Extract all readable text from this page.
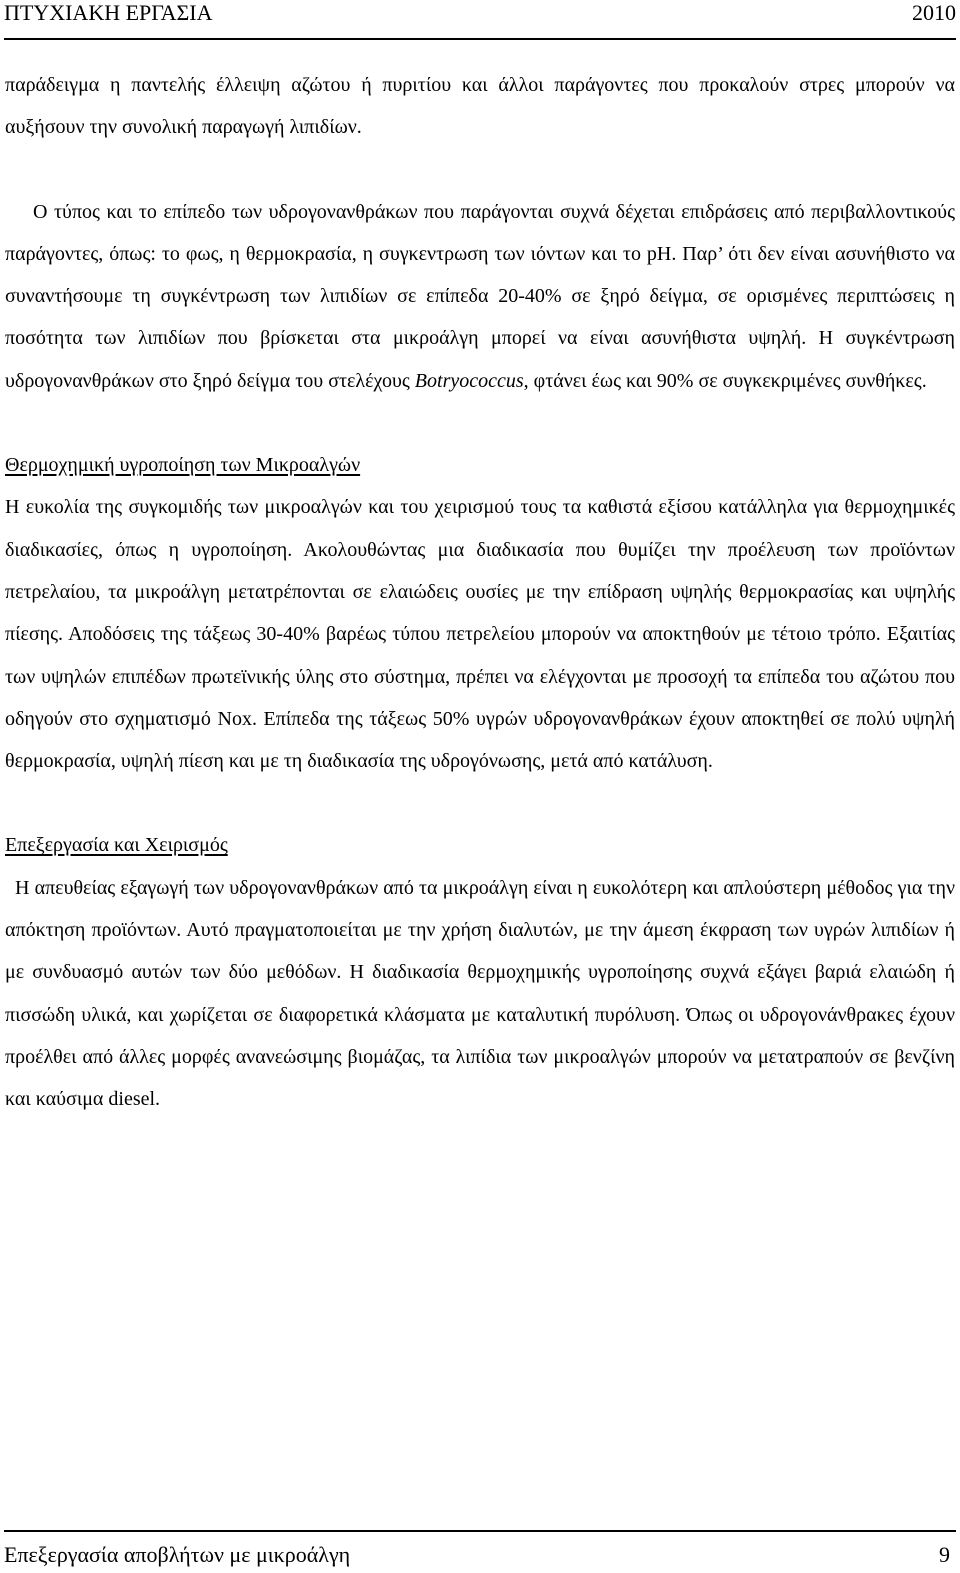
ΠΤΥΧΙΑΚΗ ΕΡΓΑΣΙΑ	2010

παράδειγμα η παντελής έλλειψη αζώτου ή πυριτίου και άλλοι παράγοντες που προκαλούν στρες μπορούν να αυξήσουν την συνολική παραγωγή λιπιδίων.

Ο τύπος και το επίπεδο των υδρογονανθράκων που παράγονται συχνά δέχεται επιδράσεις από περιβαλλοντικούς παράγοντες, όπως: το φως, η θερμοκρασία, η συγκεντρωση των ιόντων και το pH. Παρ’ ότι δεν είναι ασυνήθιστο να συναντήσουμε τη συγκέντρωση των λιπιδίων σε επίπεδα 20-40% σε ξηρό δείγμα, σε ορισμένες περιπτώσεις η ποσότητα των λιπιδίων που βρίσκεται στα μικροάλγη μπορεί να είναι ασυνήθιστα υψηλή. Η συγκέντρωση υδρογονανθράκων στο ξηρό δείγμα του στελέχους Botryococcus, φτάνει έως και 90% σε συγκεκριμένες συνθήκες.

Θερμοχημική υγροποίηση των Μικροαλγών

Η ευκολία της συγκομιδής των μικροαλγών και του χειρισμού τους τα καθιστά εξίσου κατάλληλα για θερμοχημικές διαδικασίες, όπως η υγροποίηση. Ακολουθώντας μια διαδικασία που θυμίζει την προέλευση των προϊόντων πετρελαίου, τα μικροάλγη μετατρέπονται σε ελαιώδεις ουσίες με την επίδραση υψηλής θερμοκρασίας και υψηλής πίεσης. Αποδόσεις της τάξεως 30-40% βαρέως τύπου πετρελείου μπορούν να αποκτηθούν με τέτοιο τρόπο. Εξαιτίας των υψηλών επιπέδων πρωτεϊνικής ύλης στο σύστημα, πρέπει να ελέγχονται με προσοχή τα επίπεδα του αζώτου που οδηγούν στο σχηματισμό Nox. Επίπεδα της τάξεως 50% υγρών υδρογονανθράκων έχουν αποκτηθεί σε πολύ υψηλή θερμοκρασία, υψηλή πίεση και με τη διαδικασία της υδρογόνωσης, μετά από κατάλυση.

Επεξεργασία και Χειρισμός

Η απευθείας εξαγωγή των υδρογονανθράκων από τα μικροάλγη είναι η ευκολότερη και απλούστερη μέθοδος για την απόκτηση προϊόντων. Αυτό πραγματοποιείται με την χρήση διαλυτών, με την άμεση έκφραση των υγρών λιπιδίων ή με συνδυασμό αυτών των δύο μεθόδων. Η διαδικασία θερμοχημικής υγροποίησης συχνά εξάγει βαριά ελαιώδη ή πισσώδη υλικά, και χωρίζεται σε διαφορετικά κλάσματα με καταλυτική πυρόλυση. Όπως οι υδρογονάνθρακες έχουν προέλθει από άλλες μορφές ανανεώσιμης βιομάζας, τα λιπίδια των μικροαλγών μπορούν να μετατραπούν σε βενζίνη και καύσιμα diesel.

Επεξεργασία αποβλήτων με μικροάλγη	9
